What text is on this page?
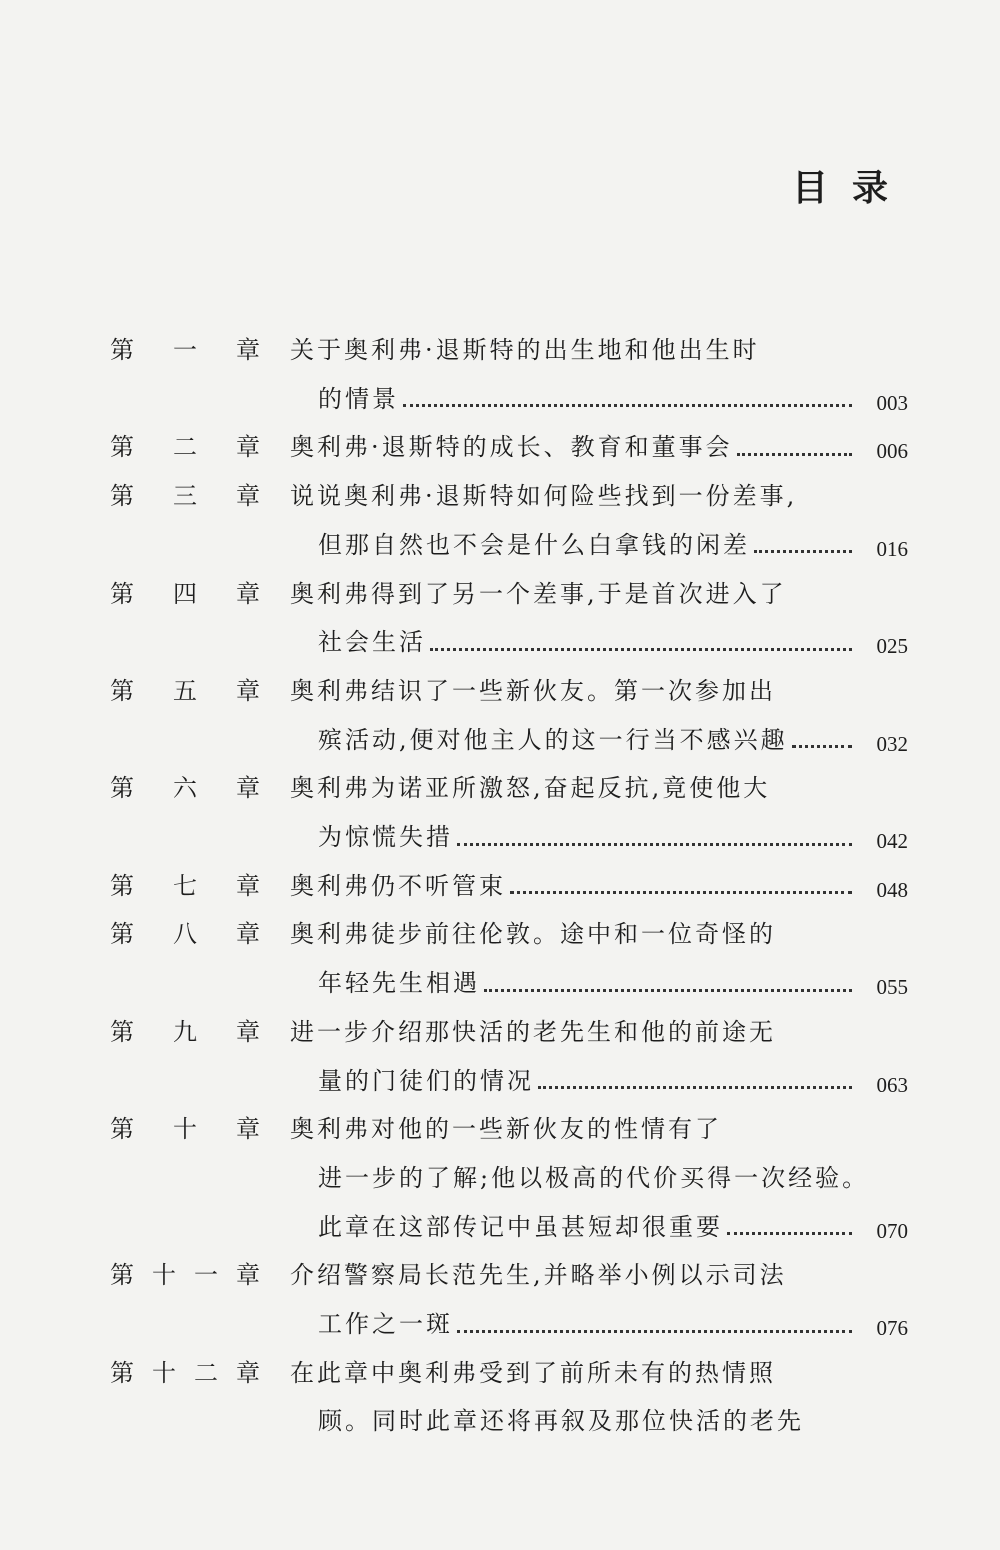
目录
第 一 章 关于奥利弗·退斯特的出生地和他出生时
的情景	003
第 二 章 奥利弗·退斯特的成长、教育和董事会	006
第 三 章 说说奥利弗·退斯特如何险些找到一份差事,
但那自然也不会是什么白拿钱的闲差	016
第 四 章 奥利弗得到了另一个差事,于是首次进入了
社会生活	025
第 五 章 奥利弗结识了一些新伙友。第一次参加出
殡活动,便对他主人的这一行当不感兴趣	032
第 六 章 奥利弗为诺亚所激怒,奋起反抗,竟使他大
为惊慌失措	042
第 七 章 奥利弗仍不听管束	048
第 八 章 奥利弗徒步前往伦敦。途中和一位奇怪的
年轻先生相遇	055
第 九 章 进一步介绍那快活的老先生和他的前途无
量的门徒们的情况	063
第 十 章 奥利弗对他的一些新伙友的性情有了
进一步的了解;他以极高的代价买得一次经验。
此章在这部传记中虽甚短却很重要	070
第 十 一 章 介绍警察局长范先生,并略举小例以示司法
工作之一斑	076
第 十 二 章 在此章中奥利弗受到了前所未有的热情照
顾。同时此章还将再叙及那位快活的老先
